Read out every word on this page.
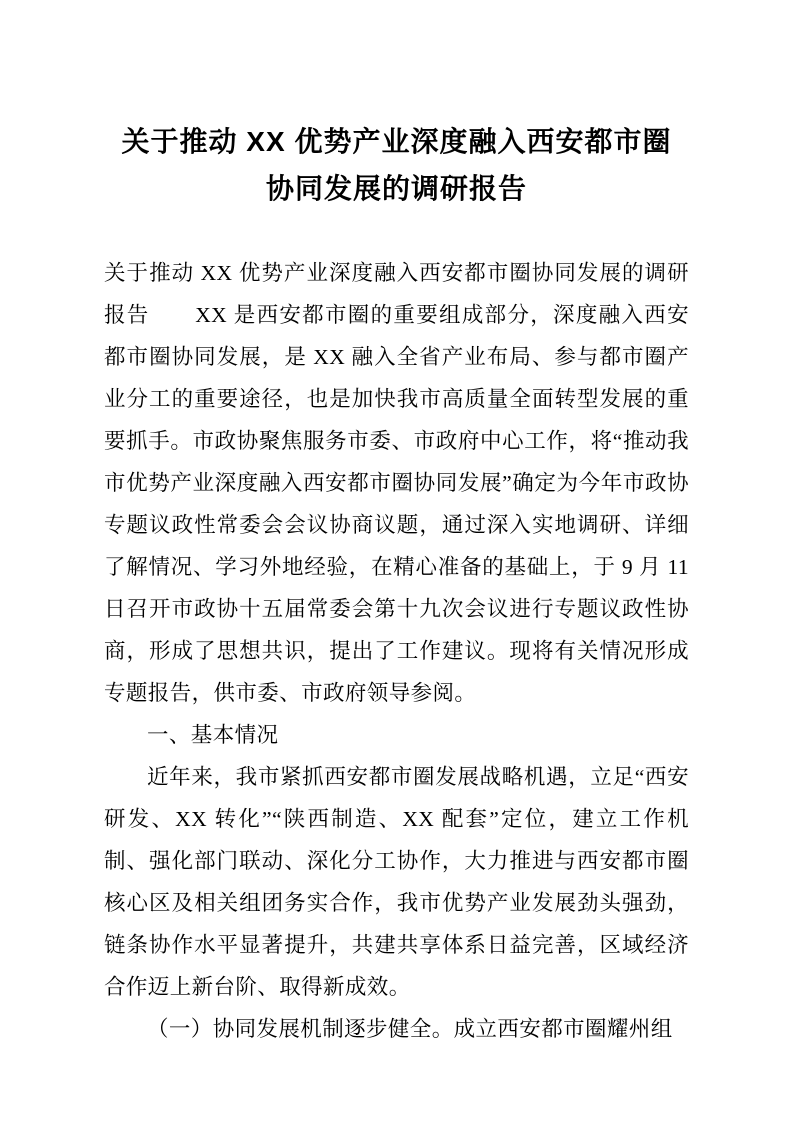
关于推动 XX 优势产业深度融入西安都市圈
协同发展的调研报告

关于推动 XX 优势产业深度融入西安都市圈协同发展的调研报告　　XX 是西安都市圈的重要组成部分，深度融入西安都市圈协同发展，是 XX 融入全省产业布局、参与都市圈产业分工的重要途径，也是加快我市高质量全面转型发展的重要抓手。市政协聚焦服务市委、市政府中心工作，将“推动我市优势产业深度融入西安都市圈协同发展”确定为今年市政协专题议政性常委会会议协商议题，通过深入实地调研、详细了解情况、学习外地经验，在精心准备的基础上，于 9 月 11 日召开市政协十五届常委会第十九次会议进行专题议政性协商，形成了思想共识，提出了工作建议。现将有关情况形成专题报告，供市委、市政府领导参阅。

一、基本情况

近年来，我市紧抓西安都市圈发展战略机遇，立足“西安研发、XX 转化”“陕西制造、XX 配套”定位，建立工作机制、强化部门联动、深化分工协作，大力推进与西安都市圈核心区及相关组团务实合作，我市优势产业发展劲头强劲，链条协作水平显著提升，共建共享体系日益完善，区域经济合作迈上新台阶、取得新成效。

（一）协同发展机制逐步健全。成立西安都市圈耀州组
